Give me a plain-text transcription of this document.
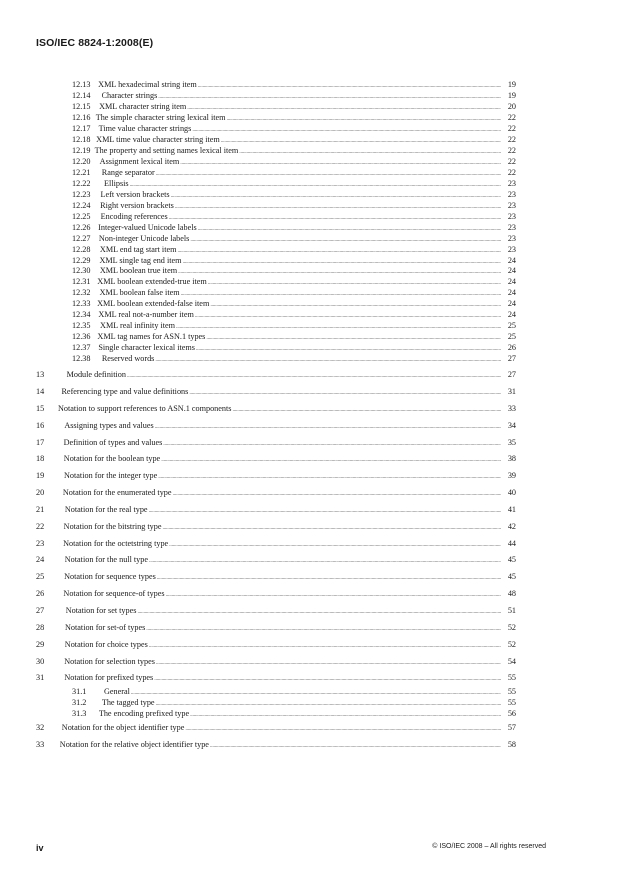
ISO/IEC 8824-1:2008(E)
12.13 XML hexadecimal string item .....	19
12.14	Character strings .....	19
12.15	XML character string item .....	20
12.16 The simple character string lexical item .....	22
12.17	Time value character strings .....	22
12.18 XML time value character string item .....	22
12.19 The property and setting names lexical item .....	22
12.20	Assignment lexical item .....	22
12.21	Range separator .....	22
12.22	Ellipsis .....	23
12.23	Left version brackets .....	23
12.24	Right version brackets .....	23
12.25	Encoding references .....	23
12.26 Integer-valued Unicode labels .....	23
12.27	Non-integer Unicode labels .....	23
12.28	XML end tag start item .....	23
12.29	XML single tag end item .....	24
12.30	XML boolean true item .....	24
12.31 XML boolean extended-true item .....	24
12.32	XML boolean false item .....	24
12.33 XML boolean extended-false item .....	24
12.34 XML real not-a-number item .....	24
12.35	XML real infinity item .....	25
12.36 XML tag names for ASN.1 types .....	25
12.37 Single character lexical items .....	26
12.38	Reserved words .....	27
13	Module definition .....	27
14	Referencing type and value definitions .....	31
15	Notation to support references to ASN.1 components .....	33
16	Assigning types and values .....	34
17	Definition of types and values .....	35
18	Notation for the boolean type .....	38
19	Notation for the integer type .....	39
20	Notation for the enumerated type .....	40
21	Notation for the real type .....	41
22	Notation for the bitstring type .....	42
23	Notation for the octetstring type .....	44
24	Notation for the null type .....	45
25	Notation for sequence types .....	45
26	Notation for sequence-of types .....	48
27	Notation for set types .....	51
28	Notation for set-of types .....	52
29	Notation for choice types .....	52
30	Notation for selection types .....	54
31	Notation for prefixed types .....	55
31.1	General .....	55
31.2	The tagged type .....	55
31.3	The encoding prefixed type .....	56
32	Notation for the object identifier type .....	57
33	Notation for the relative object identifier type .....	58
iv	© ISO/IEC 2008 – All rights reserved
